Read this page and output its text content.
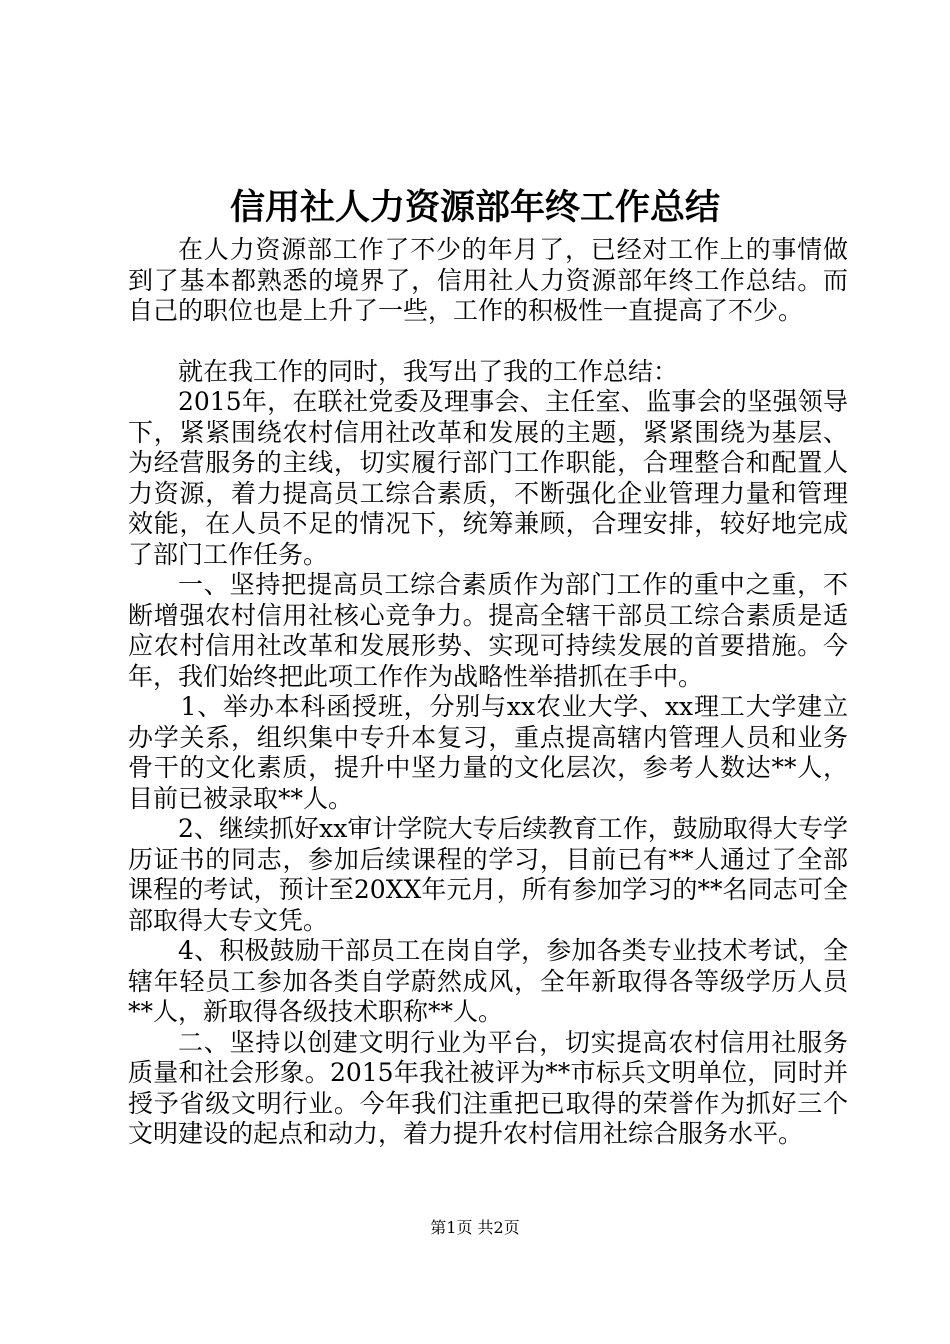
信用社人力资源部年终工作总结

在人力资源部工作了不少的年月了，已经对工作上的事情做到了基本都熟悉的境界了，信用社人力资源部年终工作总结。而自己的职位也是上升了一些，工作的积极性一直提高了不少。

就在我工作的同时，我写出了我的工作总结：

2015年，在联社党委及理事会、主任室、监事会的坚强领导下，紧紧围绕农村信用社改革和发展的主题，紧紧围绕为基层、为经营服务的主线，切实履行部门工作职能，合理整合和配置人力资源，着力提高员工综合素质，不断强化企业管理力量和管理效能，在人员不足的情况下，统筹兼顾，合理安排，较好地完成了部门工作任务。

一、坚持把提高员工综合素质作为部门工作的重中之重，不断增强农村信用社核心竞争力。提高全辖干部员工综合素质是适应农村信用社改革和发展形势、实现可持续发展的首要措施。今年，我们始终把此项工作作为战略性举措抓在手中。

1、举办本科函授班，分别与xx农业大学、xx理工大学建立办学关系，组织集中专升本复习，重点提高辖内管理人员和业务骨干的文化素质，提升中坚力量的文化层次，参考人数达**人，目前已被录取**人。

2、继续抓好xx审计学院大专后续教育工作，鼓励取得大专学历证书的同志，参加后续课程的学习，目前已有**人通过了全部课程的考试，预计至20XX年元月，所有参加学习的**名同志可全部取得大专文凭。

4、积极鼓励干部员工在岗自学，参加各类专业技术考试，全辖年轻员工参加各类自学蔚然成风，全年新取得各等级学历人员**人，新取得各级技术职称**人。

二、坚持以创建文明行业为平台，切实提高农村信用社服务质量和社会形象。2015年我社被评为**市标兵文明单位，同时并授予省级文明行业。今年我们注重把已取得的荣誉作为抓好三个文明建设的起点和动力，着力提升农村信用社综合服务水平。

第1页 共2页
